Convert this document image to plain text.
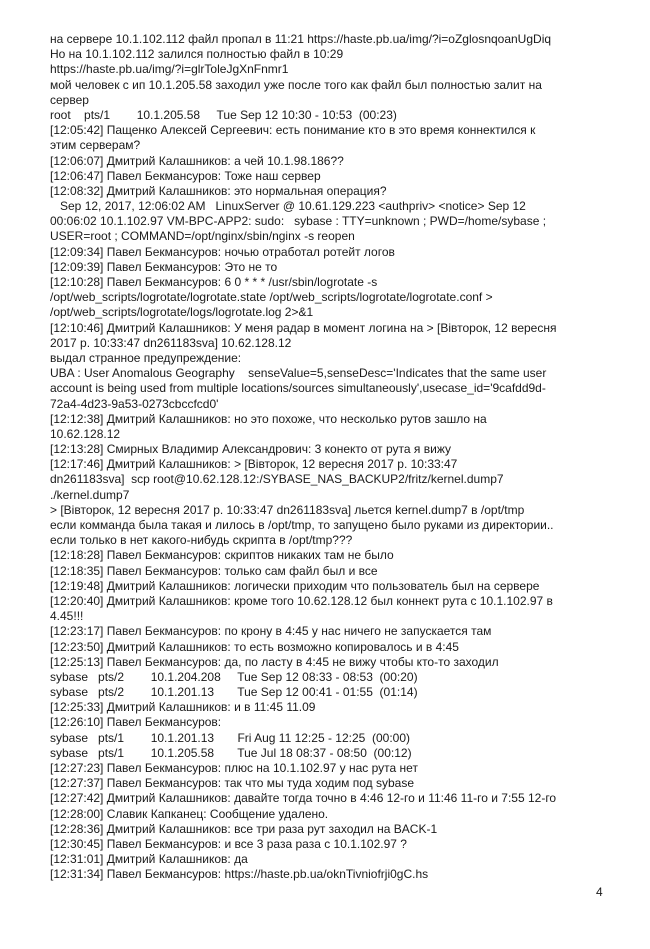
на сервере 10.1.102.112 файл пропал в 11:21 https://haste.pb.ua/img/?i=oZglosnqoanUgDiq
Но на 10.1.102.112 залился полностью файл в 10:29
https://haste.pb.ua/img/?i=glrToleJgXnFnmr1
мой человек с ип 10.1.205.58 заходил уже после того как файл был полностью залит на
сервер
root    pts/1        10.1.205.58     Tue Sep 12 10:30 - 10:53  (00:23)
[12:05:42] Пащенко Алексей Сергеевич: есть понимание кто в это время коннектился к
этим серверам?
[12:06:07] Дмитрий Калашников: а чей 10.1.98.186??
[12:06:47] Павел Бекмансуров: Тоже наш сервер
[12:08:32] Дмитрий Калашников: это нормальная операция?
Sep 12, 2017, 12:06:02 AM   LinuxServer @ 10.61.129.223 <authpriv> <notice> Sep 12
00:06:02 10.1.102.97 VM-BPC-APP2: sudo:   sybase : TTY=unknown ; PWD=/home/sybase ;
USER=root ; COMMAND=/opt/nginx/sbin/nginx -s reopen
[12:09:34] Павел Бекмансуров: ночью отработал ротейт логов
[12:09:39] Павел Бекмансуров: Это не то
[12:10:28] Павел Бекмансуров: 6 0 * * * /usr/sbin/logrotate -s
/opt/web_scripts/logrotate/logrotate.state /opt/web_scripts/logrotate/logrotate.conf >
/opt/web_scripts/logrotate/logs/logrotate.log 2>&1
[12:10:46] Дмитрий Калашников: У меня радар в момент логина на > [Вівторок, 12 вересня
2017 р. 10:33:47 dn261183sva] 10.62.128.12
выдал странное предупреждение:
UBA : User Anomalous Geography    senseValue=5,senseDesc='Indicates that the same user
account is being used from multiple locations/sources simultaneously',usecase_id='9cafdd9d-
72a4-4d23-9a53-0273cbccfcd0'
[12:12:38] Дмитрий Калашников: но это похоже, что несколько рутов зашло на
10.62.128.12
[12:13:28] Смирных Владимир Александрович: 3 конекто от рута я вижу
[12:17:46] Дмитрий Калашников: > [Вівторок, 12 вересня 2017 р. 10:33:47
dn261183sva]  scp root@10.62.128.12:/SYBASE_NAS_BACKUP2/fritz/kernel.dump7
./kernel.dump7
> [Вівторок, 12 вересня 2017 р. 10:33:47 dn261183sva] льется kernel.dump7 в /opt/tmp
если комманда была такая и лилось в /opt/tmp, то запущено было руками из директории..
если только в нет какого-нибудь скрипта в /opt/tmp???
[12:18:28] Павел Бекмансуров: скриптов никаких там не было
[12:18:35] Павел Бекмансуров: только сам файл был и все
[12:19:48] Дмитрий Калашников: логически приходим что пользователь был на сервере
[12:20:40] Дмитрий Калашников: кроме того 10.62.128.12 был коннект рута с 10.1.102.97 в
4.45!!!
[12:23:17] Павел Бекмансуров: по крону в 4:45 у нас ничего не запускается там
[12:23:50] Дмитрий Калашников: то есть возможно копировалось и в 4:45
[12:25:13] Павел Бекмансуров: да, по ласту в 4:45 не вижу чтобы кто-то заходил
sybase   pts/2        10.1.204.208     Tue Sep 12 08:33 - 08:53  (00:20)
sybase   pts/2        10.1.201.13       Tue Sep 12 00:41 - 01:55  (01:14)
[12:25:33] Дмитрий Калашников: и в 11:45 11.09
[12:26:10] Павел Бекмансуров:
sybase   pts/1        10.1.201.13       Fri Aug 11 12:25 - 12:25  (00:00)
sybase   pts/1        10.1.205.58       Tue Jul 18 08:37 - 08:50  (00:12)
[12:27:23] Павел Бекмансуров: плюс на 10.1.102.97 у нас рута нет
[12:27:37] Павел Бекмансуров: так что мы туда ходим под sybase
[12:27:42] Дмитрий Калашников: давайте тогда точно в 4:46 12-го и 11:46 11-го и 7:55 12-го
[12:28:00] Славик Капканец: Сообщение удалено.
[12:28:36] Дмитрий Калашников: все три раза рут заходил на BACK-1
[12:30:45] Павел Бекмансуров: и все 3 раза раза с 10.1.102.97 ?
[12:31:01] Дмитрий Калашников: да
[12:31:34] Павел Бекмансуров: https://haste.pb.ua/oknTivniofrji0gC.hs
4
